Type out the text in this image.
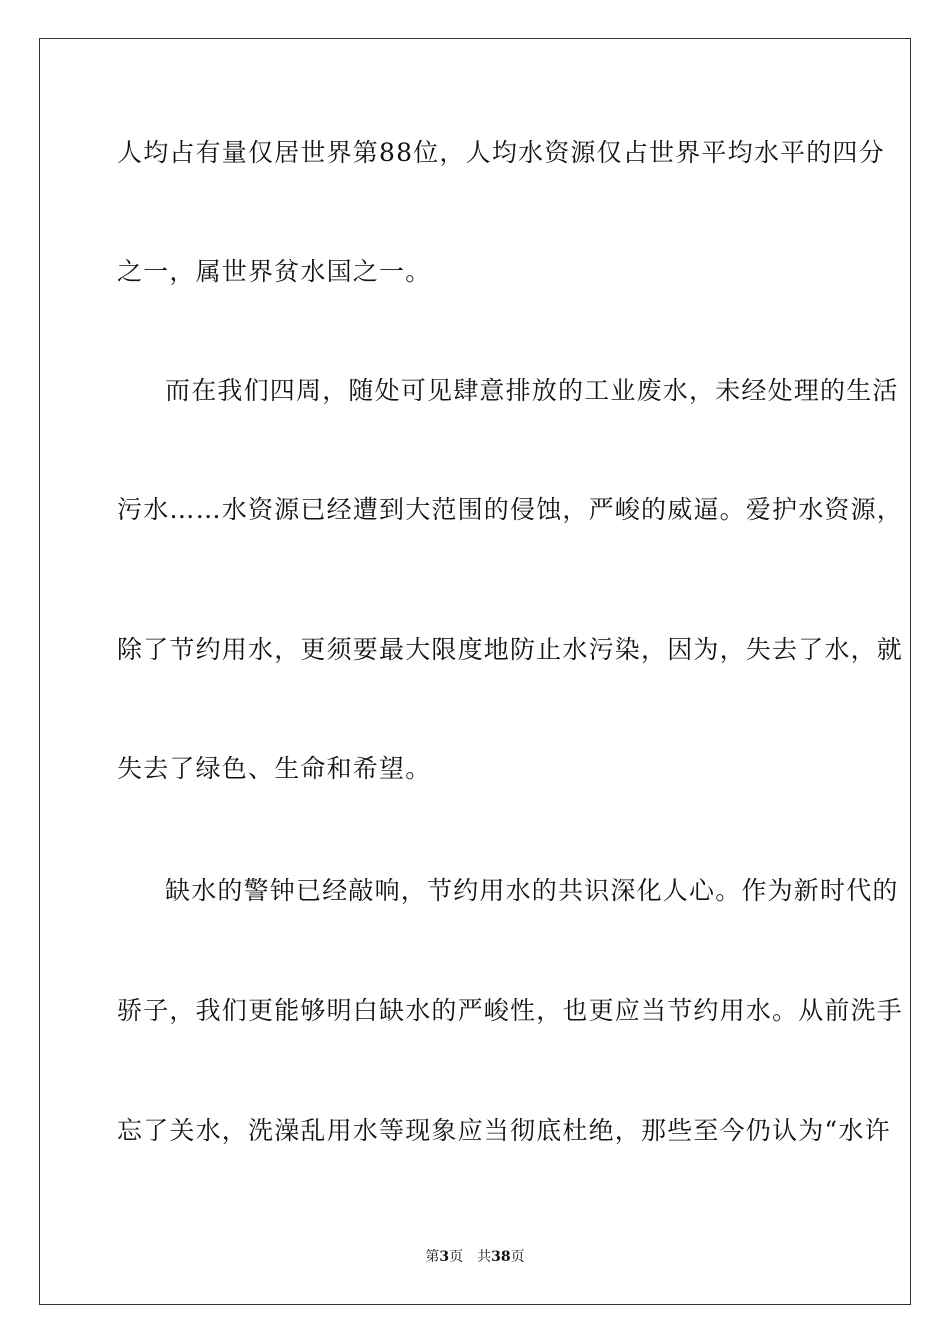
人均占有量仅居世界第88位，人均水资源仅占世界平均水平的四分
之一，属世界贫水国之一。
而在我们四周，随处可见肆意排放的工业废水，未经处理的生活
污水……水资源已经遭到大范围的侵蚀，严峻的威逼。爱护水资源，
除了节约用水，更须要最大限度地防止水污染，因为，失去了水，就
失去了绿色、生命和希望。
缺水的警钟已经敲响，节约用水的共识深化人心。作为新时代的
骄子，我们更能够明白缺水的严峻性，也更应当节约用水。从前洗手
忘了关水，洗澡乱用水等现象应当彻底杜绝，那些至今仍认为“水许
第3页 共38页
